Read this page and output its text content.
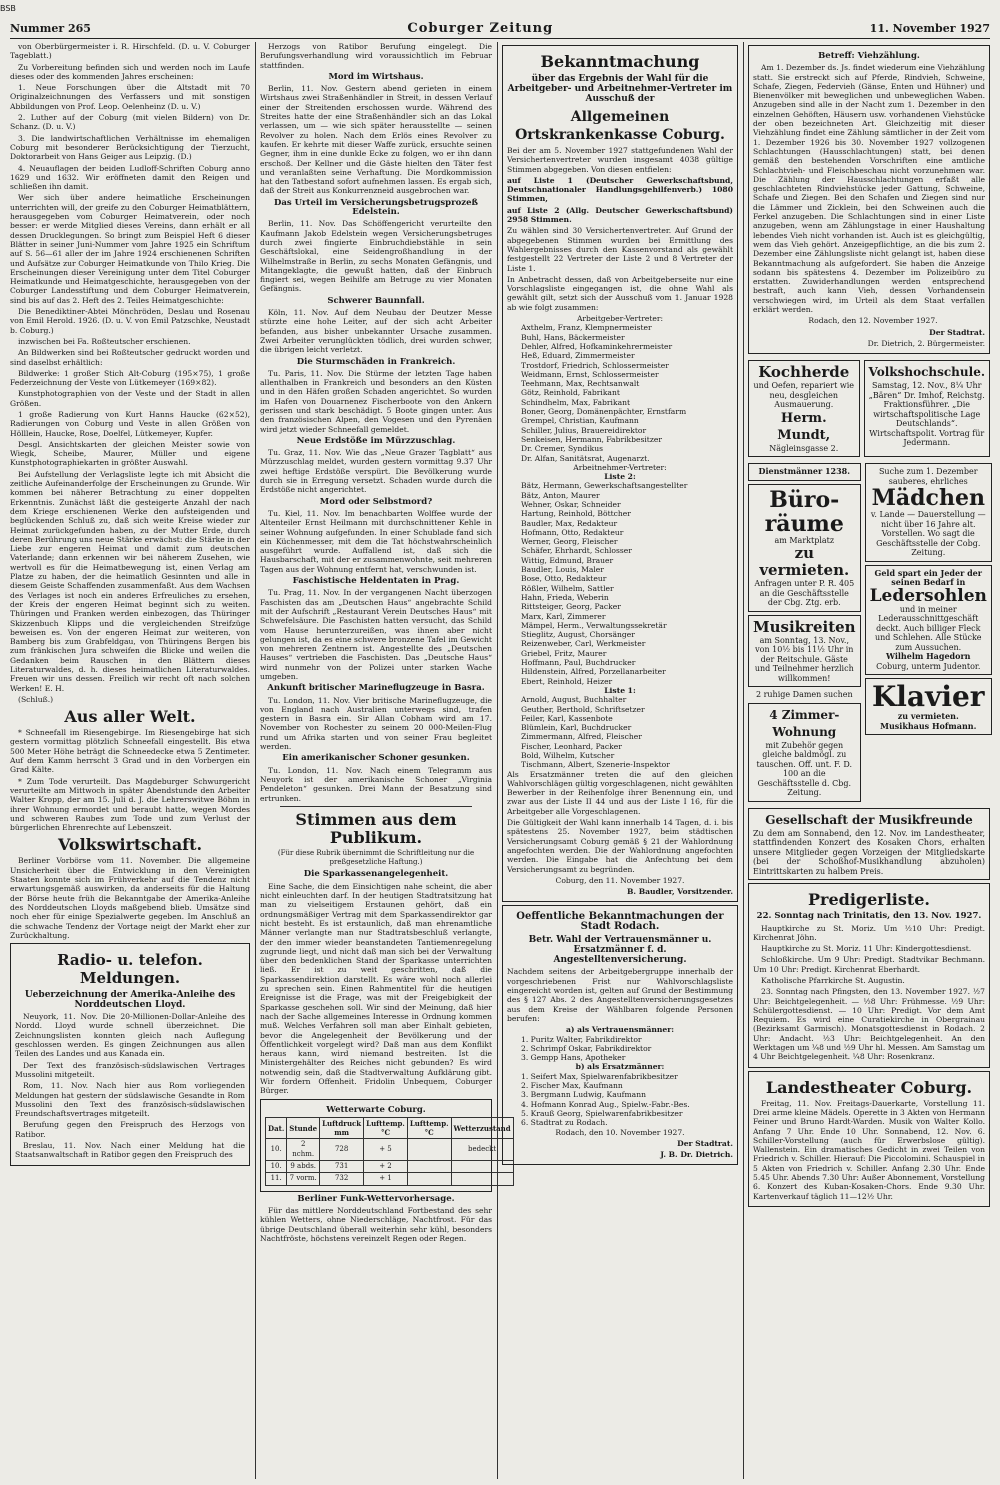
BSB
Nummer 265	Coburger Zeitung	11. November 1927

von Oberbürgermeister i. R. Hirschfeld. (D. u. V. Coburger Tageblatt.)

Zu Vorbereitung befinden sich und werden noch im Laufe dieses oder des kommenden Jahres erscheinen:

1. Neue Forschungen über die Altstadt mit 70 Originalzeichnungen des Verfassers und mit sonstigen Abbildungen von Prof. Leop. Oelenheinz (D. u. V.)

2. Luther auf der Coburg (mit vielen Bildern) von Dr. Schanz. (D. u. V.)

3. Die landwirtschaftlichen Verhältnisse im ehemaligen Coburg mit besonderer Berücksichtigung der Tierzucht, Doktorarbeit von Hans Geiger aus Leipzig. (D.)

4. Neuauflagen der beiden Ludloff-Schriften Coburg anno 1629 und 1632. Wir eröffneten damit den Reigen und schließen ihn damit.

Wer sich über andere heimatliche Erscheinungen unterrichten will, der greife zu den Coburger Heimatblättern, herausgegeben vom Coburger Heimatverein, oder noch besser: er werde Mitglied dieses Vereins, dann erhält er all dessen Drucklegungen. So bringt zum Beispiel Heft 6 dieser Blätter in seiner Juni-Nummer vom Jahre 1925 ein Schriftum auf S. 56—61 aller der im Jahre 1924 erschienenen Schriften und Aufsätze zur Coburger Heimatkunde von Thilo Krieg. Die Erscheinungen dieser Vereinigung unter dem Titel Coburger Heimatkunde und Heimatgeschichte, herausgegeben von der Coburger Landesstiftung und dem Coburger Heimatverein, sind bis auf das 2. Heft des 2. Teiles Heimatgeschichte:

Die Benediktiner-Abtei Mönchröden, Deslau und Rosenau von Emil Herold. 1926. (D. u. V. von Emil Patzschke, Neustadt b. Coburg.)

inzwischen bei Fa. Roßteutscher erschienen.

An Bildwerken sind bei Roßteutscher gedruckt worden und sind daselbst erhältlich:

Bildwerke: 1 großer Stich Alt-Coburg (195×75), 1 große Federzeichnung der Veste von Lütkemeyer (169×82).

Kunstphotographien von der Veste und der Stadt in allen Größen.

1 große Radierung von Kurt Hanns Haucke (62×52), Radierungen von Coburg und Veste in allen Größen von Hölllein, Haucke, Rose, Doelfel, Lütkemeyer, Kupfer.

Desgl. Ansichtskarten der gleichen Meister sowie von Wiegk, Scheibe, Maurer, Müller und eigene Kunstphotographiekarten in größter Auswahl.

Bei Aufstellung der Verlagsliste legte ich mit Absicht die zeitliche Aufeinanderfolge der Erscheinungen zu Grunde. Wir kommen bei näherer Betrachtung zu einer doppelten Erkenntnis. Zunächst läßt die gesteigerte Anzahl der nach dem Kriege erschienenen Werke den aufsteigenden und beglückenden Schluß zu, daß sich weite Kreise wieder zur Heimat zurückgefunden haben, zu der Mutter Erde, durch deren Berührung uns neue Stärke erwächst: die Stärke in der Liebe zur engeren Heimat und damit zum deutschen Vaterlande; dann erkennen wir bei näherem Zusehen, wie wertvoll es für die Heimatbewegung ist, einen Verlag am Platze zu haben, der die heimatlich Gesinnten und alle in diesem Geiste Schaffenden zusammenfaßt. Aus dem Wachsen des Verlages ist noch ein anderes Erfreuliches zu ersehen, der Kreis der engeren Heimat beginnt sich zu weiten. Thüringen und Franken werden einbezogen, das Thüringer Skizzenbuch Klipps und die vergleichenden Streifzüge beweisen es. Von der engeren Heimat zur weiteren, von Bamberg bis zum Grabfeldgau, von Thüringens Bergen bis zum fränkischen Jura schweifen die Blicke und weilen die Gedanken beim Rauschen in den Blättern dieses Literaturwaldes, d. h. dieses heimatlichen Literaturwaldes. Freuen wir uns dessen. Freilich wir recht oft nach solchen Werken! E. H.

(Schluß.)

Aus aller Welt.

* Schneefall im Riesengebirge. Im Riesengebirge hat sich gestern vormittag plötzlich Schneefall eingestellt. Bis etwa 500 Meter Höhe beträgt die Schneedecke etwa 5 Zentimeter. Auf dem Kamm herrscht 3 Grad und in den Vorbergen ein Grad Kälte.

* Zum Tode verurteilt. Das Magdeburger Schwurgericht verurteilte am Mittwoch in später Abendstunde den Arbeiter Walter Kropp, der am 15. Juli d. J. die Lehrerswitwe Böhm in ihrer Wohnung ermordet und beraubt hatte, wegen Mordes und schweren Raubes zum Tode und zum Verlust der bürgerlichen Ehrenrechte auf Lebenszeit.

Volkswirtschaft.

Berliner Vorbörse vom 11. November. Die allgemeine Unsicherheit über die Entwicklung in den Vereinigten Staaten konnte sich im Frühverkehr auf die Tendenz nicht erwartungsgemäß auswirken, da anderseits für die Haltung der Börse heute früh die Bekanntgabe der Amerika-Anleihe des Norddeutschen Lloyds maßgebend blieb. Umsätze sind noch eher für einige Spezialwerte gegeben. Im Anschluß an die schwache Tendenz der Vortage neigt der Markt eher zur Zurückhaltung.

Radio- u. telefon. Meldungen.
Ueberzeichnung der Amerika-Anleihe des Norddeutschen Lloyd.

Neuyork, 11. Nov. Die 20-Millionen-Dollar-Anleihe des Nordd. Lloyd wurde schnell überzeichnet. Die Zeichnungslisten konnten gleich nach Auflegung geschlossen werden. Es gingen Zeichnungen aus allen Teilen des Landes und aus Kanada ein.

Der Text des französisch-südslawischen Vertrages Mussolini mitgeteilt.

Rom, 11. Nov. Nach hier aus Rom vorliegenden Meldungen hat gestern der südslawische Gesandte in Rom Mussolini den Text des französisch-südslawischen Freundschaftsvertrages mitgeteilt.

Berufung gegen den Freispruch des Herzogs von Ratibor.

Breslau, 11. Nov. Nach einer Meldung hat die Staatsanwaltschaft in Ratibor gegen den Freispruch des

Herzogs von Ratibor Berufung eingelegt. Die Berufungsverhandlung wird voraussichtlich im Februar stattfinden.

Mord im Wirtshaus.

Berlin, 11. Nov. Gestern abend gerieten in einem Wirtshaus zwei Straßenhändler in Streit, in dessen Verlauf einer der Streitenden erschossen wurde. Während des Streites hatte der eine Straßenhändler sich an das Lokal verlassen, um — wie sich später herausstellte — seinen Revolver zu holen. Nach dem Erlös eines Revolver zu kaufen. Er kehrte mit dieser Waffe zurück, ersuchte seinen Gegner, ihm in eine dunkle Ecke zu folgen, wo er ihn dann erschoß. Der Kellner und die Gäste hielten den Täter fest und veranlaßten seine Verhaftung. Die Mordkommission hat den Tatbestand sofort aufnehmen lassen. Es ergab sich, daß der Streit aus Konkurrenzneid ausgebrochen war.

Das Urteil im Versicherungsbetrugsprozeß Edelstein.

Berlin, 11. Nov. Das Schöffengericht verurteilte den Kaufmann Jakob Edelstein wegen Versicherungsbetruges durch zwei fingierte Einbruchdiebstähle in sein Geschäftslokal, eine Seidengroßhandlung in der Wilhelmstraße in Berlin, zu sechs Monaten Gefängnis, und Mitangeklagte, die gewußt hatten, daß der Einbruch fingiert sei, wegen Beihilfe am Betruge zu vier Monaten Gefängnis.

Schwerer Baunnfall.

Köln, 11. Nov. Auf dem Neubau der Deutzer Messe stürzte eine hohe Leiter, auf der sich acht Arbeiter befanden, aus bisher unbekannter Ursache zusammen. Zwei Arbeiter verunglückten tödlich, drei wurden schwer, die übrigen leicht verletzt.

Die Sturmschäden in Frankreich.

Tu. Paris, 11. Nov. Die Stürme der letzten Tage haben allenthalben in Frankreich und besonders an den Küsten und in den Häfen großen Schaden angerichtet. So wurden im Hafen von Douarnenez Fischerboote von den Ankern gerissen und stark beschädigt. 5 Boote gingen unter. Aus den französischen Alpen, den Vogesen und den Pyrenäen wird jetzt wieder Schneefall gemeldet.

Neue Erdstöße im Mürzzuschlag.

Tu. Graz, 11. Nov. Wie das „Neue Grazer Tagblatt“ aus Mürzzuschlag meldet, wurden gestern vormittag 9.37 Uhr zwei heftige Erdstöße verspürt. Die Bevölkerung wurde durch sie in Erregung versetzt. Schaden wurde durch die Erdstöße nicht angerichtet.

Mord oder Selbstmord?

Tu. Kiel, 11. Nov. Im benachbarten Wolffee wurde der Altenteiler Ernst Heilmann mit durchschnittener Kehle in seiner Wohnung aufgefunden. In einer Schublade fand sich ein Küchenmesser, mit dem die Tat höchstwahrscheinlich ausgeführt wurde. Auffallend ist, daß sich die Hausbarschaft, mit der er zusammenwohnte, seit mehreren Tagen aus der Wohnung entfernt hat, verschwunden ist.

Faschistische Heldentaten in Prag.

Tu. Prag, 11. Nov. In der vergangenen Nacht überzogen Faschisten das am „Deutschen Haus“ angebrachte Schild mit der Aufschrift „Restaurant Verein Deutsches Haus“ mit Schwefelsäure. Die Faschisten hatten versucht, das Schild vom Hause herunterzureißen, was ihnen aber nicht gelungen ist, da es eine schwere bronzene Tafel im Gewicht von mehreren Zentnern ist. Angestellte des „Deutschen Hauses“ vertrieben die Faschisten. Das „Deutsche Haus“ wird nunmehr von der Polizei unter starken Wache umgeben.

Ankunft britischer Marineflugzeuge in Basra.

Tu. London, 11. Nov. Vier britische Marineflugzeuge, die von England nach Australien unterwegs sind, trafen gestern in Basra ein. Sir Allan Cobham wird am 17. November von Rochester zu seinem 20 000-Meilen-Flug rund um Afrika starten und von seiner Frau begleitet werden.

Ein amerikanischer Schoner gesunken.

Tu. London, 11. Nov. Nach einem Telegramm aus Neuyork ist der amerikanische Schoner „Virginia Pendeleton“ gesunken. Drei Mann der Besatzung sind ertrunken.

Stimmen aus dem Publikum.
(Für diese Rubrik übernimmt die Schriftleitung nur die preßgesetzliche Haftung.)
Die Sparkassenangelegenheit.

Eine Sache, die dem Einsichtigen nahe scheint, die aber nicht einleuchten darf. In der heutigen Stadtratsitzung hat man zu vielseitigem Erstaunen gehört, daß ein ordnungsmäßiger Vertrag mit dem Sparkassendirektor gar nicht besteht. Es ist erstaunlich, daß man ehrenamtliche Männer verlangte man nur Stadtratsbeschluß verlangte, der den immer wieder beanstandeten Tantiemenregelung zugrunde liegt, und nicht daß man sich bei der Verwaltung über den bedenklichen Stand der Sparkasse unterrichten ließ. Er ist zu weit geschritten, daß die Sparkassendirektion darstellt. Es wäre wohl noch allerlei zu sprechen sein. Einen Rahmentitel für die heutigen Ereignisse ist die Frage, was mit der Freigebigkeit der Sparkasse geschehen soll. Wir sind der Meinung, daß hier nach der Sache allgemeines Interesse in Ordnung kommen muß. Welches Verfahren soll man aber Einhalt gebieten, bevor die Angelegenheit der Bevölkerung und der Öffentlichkeit vorgelegt wird? Daß man aus dem Konflikt heraus kann, wird niemand bestreiten. Ist die Ministergehälter des Reiches nicht gebunden? Es wird notwendig sein, daß die Stadtverwaltung Aufklärung gibt. Wir fordern Offenheit. Fridolin Unbequem, Coburger Bürger.

Wetterwarte Coburg.
Dat.	Stunde	Luftdruck mm	Lufttemp. °C	Lufttemp. °C	Wetterzustand
10.	2 nchm.	728	+ 5		bedeckt
10.	9 abds.	731	+ 2		
11.	7 vorm.	732	+ 1		
Berliner Funk-Wettervorhersage.

Für das mittlere Norddeutschland Fortbestand des sehr kühlen Wetters, ohne Niederschläge, Nachtfrost. Für das übrige Deutschland überall weiterhin sehr kühl, besonders Nachtfröste, höchstens vereinzelt Regen oder Regen.

Bekanntmachung
über das Ergebnis der Wahl für die Arbeitgeber- und Arbeitnehmer-Vertreter im Ausschuß der
Allgemeinen Ortskrankenkasse Coburg.

Bei der am 5. November 1927 stattgefundenen Wahl der Versichertenvertreter wurden insgesamt 4038 gültige Stimmen abgegeben. Von diesen entfielen:

auf Liste 1 (Deutscher Gewerkschaftsbund, Deutschnationaler Handlungsgehilfenverb.) 1080 Stimmen,

auf Liste 2 (Allg. Deutscher Gewerkschaftsbund) 2958 Stimmen.

Zu wählen sind 30 Versichertenvertreter. Auf Grund der abgegebenen Stimmen wurden bei Ermittlung des Wahlergebnisses durch den Kassenvorstand als gewählt festgestellt 22 Vertreter der Liste 2 und 8 Vertreter der Liste 1.

In Anbetracht dessen, daß von Arbeitgeberseite nur eine Vorschlagsliste eingegangen ist, die ohne Wahl als gewählt gilt, setzt sich der Ausschuß vom 1. Januar 1928 ab wie folgt zusammen:

Arbeitgeber-Vertreter:

Axthelm, Franz, Klempnermeister

Buhl, Hans, Bäckermeister

Dehler, Alfred, Hofkaminkehrermeister

Heß, Eduard, Zimmermeister

Trostdorf, Friedrich, Schlossermeister

Weidmann, Ernst, Schlossermeister

Teehmann, Max, Rechtsanwalt

Götz, Reinhold, Fabrikant

Schindhelm, Max, Fabrikant

Boner, Georg, Domänenpächter, Ernstfarm

Grempel, Christian, Kaufmann

Schiller, Julius, Brauereidirektor

Senkeisen, Hermann, Fabrikbesitzer

Dr. Cremer, Syndikus

Dr. Alfan, Sanitätsrat, Augenarzt.

Arbeitnehmer-Vertreter:
Liste 2:

Bätz, Hermann, Gewerkschaftsangestellter

Bätz, Anton, Maurer

Wehner, Oskar, Schneider

Hartung, Reinhold, Böttcher

Baudler, Max, Redakteur

Hofmann, Otto, Redakteur

Werner, Georg, Fleischer

Schäfer, Ehrhardt, Schlosser

Wittig, Edmund, Brauer

Baudler, Louis, Maler

Bose, Otto, Redakteur

Rößler, Wilhelm, Sattler

Hahn, Frieda, Weberin

Rittsteiger, Georg, Packer

Marx, Karl, Zimmerer

Mämpel, Herm., Verwaltungssekretär

Stieglitz, August, Chorsänger

Reizenweber, Carl, Werkmeister

Griebel, Fritz, Maurer

Hoffmann, Paul, Buchdrucker

Hildenstein, Alfred, Porzellanarbeiter

Ebert, Reinhold, Heizer

Liste 1:

Arnold, August, Buchhalter

Geuther, Berthold, Schriftsetzer

Feiler, Karl, Kassenbote

Blümlein, Karl, Buchdrucker

Zimmermann, Alfred, Fleischer

Fischer, Leonhard, Packer

Bold, Wilhelm, Kutscher

Tischmann, Albert, Szenerie-Inspektor

Als Ersatzmänner treten die auf den gleichen Wahlvorschlägen gültig vorgeschlagenen, nicht gewählten Bewerber in der Reihenfolge ihrer Benennung ein, und zwar aus der Liste II 44 und aus der Liste I 16, für die Arbeitgeber alle Vorgeschlagenen.

Die Gültigkeit der Wahl kann innerhalb 14 Tagen, d. i. bis spätestens 25. November 1927, beim städtischen Versicherungsamt Coburg gemäß § 21 der Wahlordnung angefochten werden. Die der Wahlordnung angefochten werden. Die Eingabe hat die Anfechtung bei dem Versicherungsamt zu begründen.

Coburg, den 11. November 1927.

B. Baudler, Vorsitzender.

Oeffentliche Bekanntmachungen der Stadt Rodach.
Betr. Wahl der Vertrauensmänner u. Ersatzmänner f. d. Angestelltenversicherung.

Nachdem seitens der Arbeitgebergruppe innerhalb der vorgeschriebenen Frist nur Wahlvorschlagsliste eingereicht worden ist, gelten auf Grund der Bestimmung des § 127 Abs. 2 des Angestelltenversicherungsgesetzes aus dem Kreise der Wählbaren folgende Personen berufen:

a) als Vertrauensmänner:

1. Puritz Walter, Fabrikdirektor

2. Schrimpf Oskar, Fabrikdirektor

3. Gempp Hans, Apotheker

b) als Ersatzmänner:

1. Seifert Max, Spielwarenfabrikbesitzer

2. Fischer Max, Kaufmann

3. Bergmann Ludwig, Kaufmann

4. Hofmann Konrad Aug., Spielw.-Fabr.-Bes.

5. Krauß Georg, Spielwarenfabrikbesitzer

6. Stadtrat zu Rodach.

Rodach, den 10. November 1927.

Der Stadtrat.

J. B. Dr. Dietrich.

Betreff: Viehzählung.

Am 1. Dezember ds. Js. findet wiederum eine Viehzählung statt. Sie erstreckt sich auf Pferde, Rindvieh, Schweine, Schafe, Ziegen, Federvieh (Gänse, Enten und Hühner) und Bienenvölker mit beweglichen und unbeweglichen Waben. Anzugeben sind alle in der Nacht zum 1. Dezember in den einzelnen Gehöften, Häusern usw. vorhandenen Viehstücke der oben bezeichneten Art. Gleichzeitig mit dieser Viehzählung findet eine Zählung sämtlicher in der Zeit vom 1. Dezember 1926 bis 30. November 1927 vollzogenen Schlachtungen (Hausschlachtungen) statt, bei denen gemäß den bestehenden Vorschriften eine amtliche Schlachtvieh- und Fleischbeschau nicht vorzunehmen war. Die Zählung der Hausschlachtungen erfaßt alle geschlachteten Rindviehstücke jeder Gattung, Schweine, Schafe und Ziegen. Bei den Schafen und Ziegen sind nur die Lämmer und Zicklein, bei den Schweinen auch die Ferkel anzugeben. Die Schlachtungen sind in einer Liste anzugeben, wenn am Zählungstage in einer Haushaltung lebendes Vieh nicht vorhanden ist. Auch ist es gleichgültig, wem das Vieh gehört. Anzeigepflichtige, an die bis zum 2. Dezember eine Zählungsliste nicht gelangt ist, haben diese Bekanntmachung als aufgefordert. Sie haben die Anzeige sodann bis spätestens 4. Dezember im Polizeibüro zu erstatten. Zuwiderhandlungen werden entsprechend bestraft, auch kann Vieh, dessen Vorhandensein verschwiegen wird, im Urteil als dem Staat verfallen erklärt werden.

Rodach, den 12. November 1927.

Der Stadtrat.

Dr. Dietrich, 2. Bürgermeister.

Kochherde
und Oefen, repariert wie neu, desgleichen Ausmauerung.
Herm. Mundt,
Nägleinsgasse 2.
Volkshochschule.
Samstag, 12. Nov., 8¼ Uhr „Bären“ Dr. Imhof, Reichstg. Fraktionsführer. „Die wirtschaftspolitische Lage Deutschlands“. Wirtschaftspolit. Vortrag für Jedermann.
Dienstmänner 1238.
Büro-
räume
am Marktplatz
zu vermieten.
Anfragen unter P. R. 405 an die Geschäftsstelle der Cbg. Ztg. erb.
Musikreiten
am Sonntag, 13. Nov., von 10½ bis 11½ Uhr in der Reitschule. Gäste und Teilnehmer herzlich willkommen!
2 ruhige Damen suchen
4 Zimmer-Wohnung
mit Zubehör gegen gleiche baldmögl. zu tauschen. Off. unt. F. D. 100 an die Geschäftsstelle d. Cbg. Zeitung.
Suche zum 1. Dezember sauberes, ehrliches
Mädchen
v. Lande — Dauerstellung — nicht über 16 Jahre alt. Vorstellen. Wo sagt die Geschäftsstelle der Cobg. Zeitung.
Geld spart ein Jeder der seinen Bedarf in
Ledersohlen
und in meiner Lederausschnittgeschäft deckt. Auch billiger Fleck und Schlehen. Alle Stücke zum Aussuchen.
Wilhelm Hagedorn
Coburg, unterm Judentor.
Klavier
zu vermieten.
Musikhaus Hofmann.
Gesellschaft der Musikfreunde
Zu dem am Sonnabend, den 12. Nov. im Landestheater, stattfindenden Konzert des Kosaken Chors, erhalten unsere Mitglieder gegen Vorzeigen der Mitgliedskarte (bei der Schoßhof-Musikhandlung abzuholen) Eintrittskarten zu halbem Preis.
Predigerliste.
22. Sonntag nach Trinitatis, den 13. Nov. 1927.

Hauptkirche zu St. Moriz. Um ½10 Uhr: Predigt. Kirchenrat Jöhn.

Hauptkirche zu St. Moriz. 11 Uhr: Kindergottesdienst.

Schloßkirche. Um 9 Uhr: Predigt. Stadtvikar Bechmann. Um 10 Uhr: Predigt. Kirchenrat Eberhardt.

Katholische Pfarrkirche St. Augustin.

23. Sonntag nach Pfingsten, den 13. November 1927. ½7 Uhr: Beichtgelegenheit. — ½8 Uhr: Frühmesse. ½9 Uhr: Schülergottesdienst. — 10 Uhr: Predigt. Vor dem Amt Requiem. Es wird eine Curatiekirche in Obergrainau (Bezirksamt Garmisch). Monatsgottesdienst in Rodach. 2 Uhr: Andacht. ½3 Uhr: Beichtgelegenheit. An den Werktagen um ¼8 und ½9 Uhr hl. Messen. Am Samstag um 4 Uhr Beichtgelegenheit. ¼8 Uhr: Rosenkranz.

Landestheater Coburg.

Freitag, 11. Nov. Freitags-Dauerkarte, Vorstellung 11. Drei arme kleine Mädels. Operette in 3 Akten von Hermann Feiner und Bruno Hardt-Warden. Musik von Walter Kollo. Anfang 7 Uhr. Ende 10 Uhr. Sonnabend, 12. Nov. 6. Schiller-Vorstellung (auch für Erwerbslose gültig). Wallenstein. Ein dramatisches Gedicht in zwei Teilen von Friedrich v. Schiller. Hierauf: Die Piccolomini. Schauspiel in 5 Akten von Friedrich v. Schiller. Anfang 2.30 Uhr. Ende 5.45 Uhr. Abends 7.30 Uhr: Außer Abonnement, Vorstellung 6. Konzert des Kuban-Kosaken-Chors. Ende 9.30 Uhr. Kartenverkauf täglich 11—12½ Uhr.
